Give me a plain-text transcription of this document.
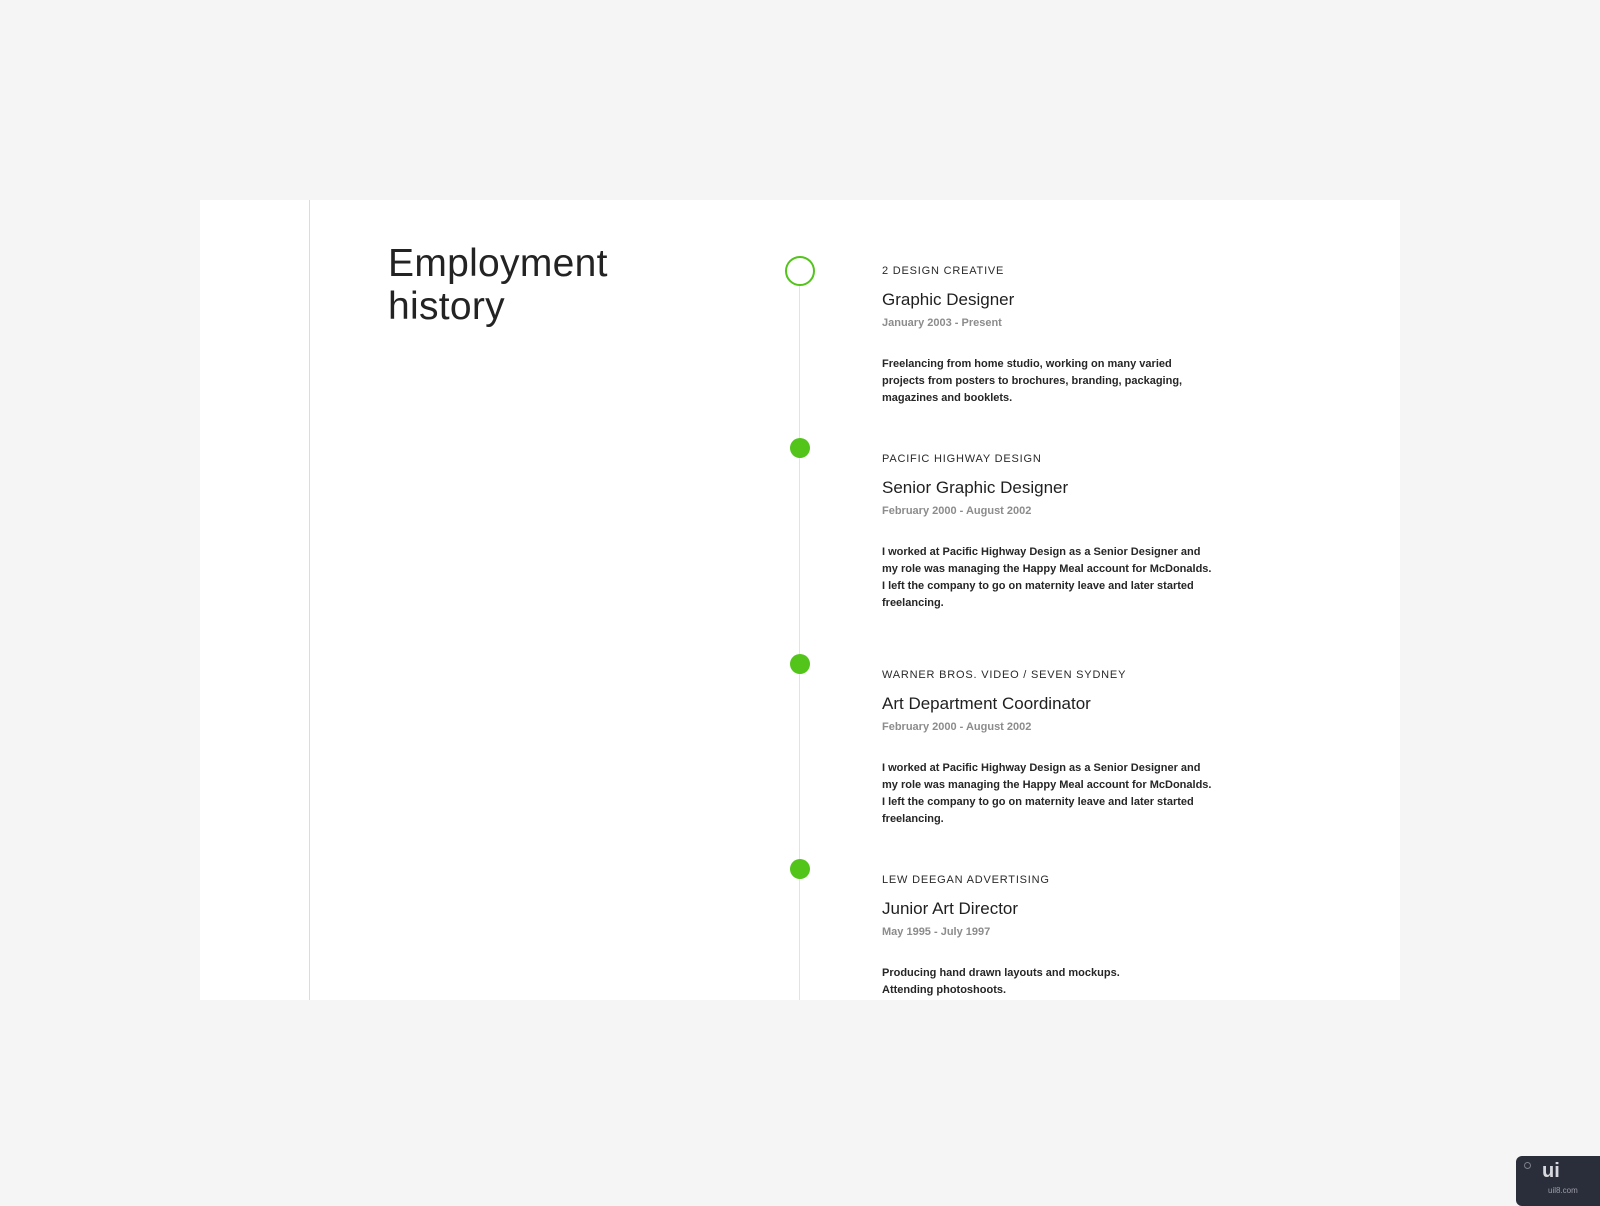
Employment history
2 DESIGN CREATIVE
Graphic Designer
January 2003 - Present
Freelancing from home studio, working on many varied projects from posters to brochures, branding, packaging, magazines and booklets.
PACIFIC HIGHWAY DESIGN
Senior Graphic Designer
February 2000 - August 2002
I worked at Pacific Highway Design as a Senior Designer and my role was managing the Happy Meal account for McDonalds. I left the company to go on maternity leave and later started freelancing.
WARNER BROS. VIDEO / SEVEN SYDNEY
Art Department Coordinator
February 2000 - August 2002
I worked at Pacific Highway Design as a Senior Designer and my role was managing the Happy Meal account for McDonalds. I left the company to go on maternity leave and later started freelancing.
LEW DEEGAN ADVERTISING
Junior Art Director
May 1995 - July 1997
Producing hand drawn layouts and mockups.
Attending photoshoots.
ui
uil8.com
